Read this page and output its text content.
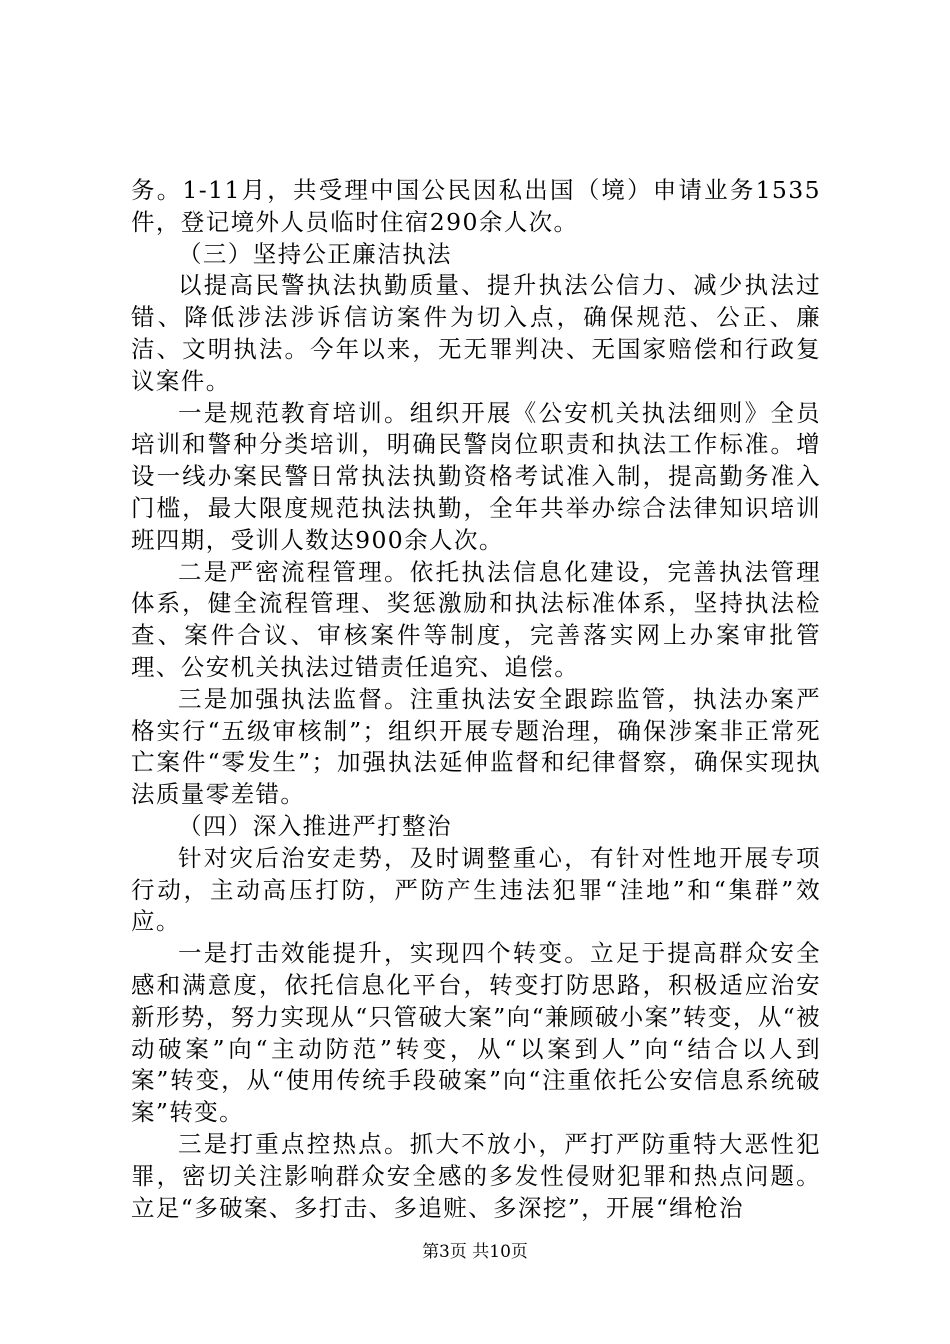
务。1-11月，共受理中国公民因私出国（境）申请业务1535件，登记境外人员临时住宿290余人次。

（三）坚持公正廉洁执法

以提高民警执法执勤质量、提升执法公信力、减少执法过错、降低涉法涉诉信访案件为切入点，确保规范、公正、廉洁、文明执法。今年以来，无无罪判决、无国家赔偿和行政复议案件。

一是规范教育培训。组织开展《公安机关执法细则》全员培训和警种分类培训，明确民警岗位职责和执法工作标准。增设一线办案民警日常执法执勤资格考试准入制，提高勤务准入门槛，最大限度规范执法执勤，全年共举办综合法律知识培训班四期，受训人数达900余人次。

二是严密流程管理。依托执法信息化建设，完善执法管理体系，健全流程管理、奖惩激励和执法标准体系，坚持执法检查、案件合议、审核案件等制度，完善落实网上办案审批管理、公安机关执法过错责任追究、追偿。

三是加强执法监督。注重执法安全跟踪监管，执法办案严格实行“五级审核制”；组织开展专题治理，确保涉案非正常死亡案件“零发生”；加强执法延伸监督和纪律督察，确保实现执法质量零差错。

（四）深入推进严打整治

针对灾后治安走势，及时调整重心，有针对性地开展专项行动，主动高压打防，严防产生违法犯罪“洼地”和“集群”效应。

一是打击效能提升，实现四个转变。立足于提高群众安全感和满意度，依托信息化平台，转变打防思路，积极适应治安新形势，努力实现从“只管破大案”向“兼顾破小案”转变，从“被动破案”向“主动防范”转变，从“以案到人”向“结合以人到案”转变，从“使用传统手段破案”向“注重依托公安信息系统破案”转变。

三是打重点控热点。抓大不放小，严打严防重特大恶性犯罪，密切关注影响群众安全感的多发性侵财犯罪和热点问题。立足“多破案、多打击、多追赃、多深挖”，开展“缉枪治

第3页 共10页
